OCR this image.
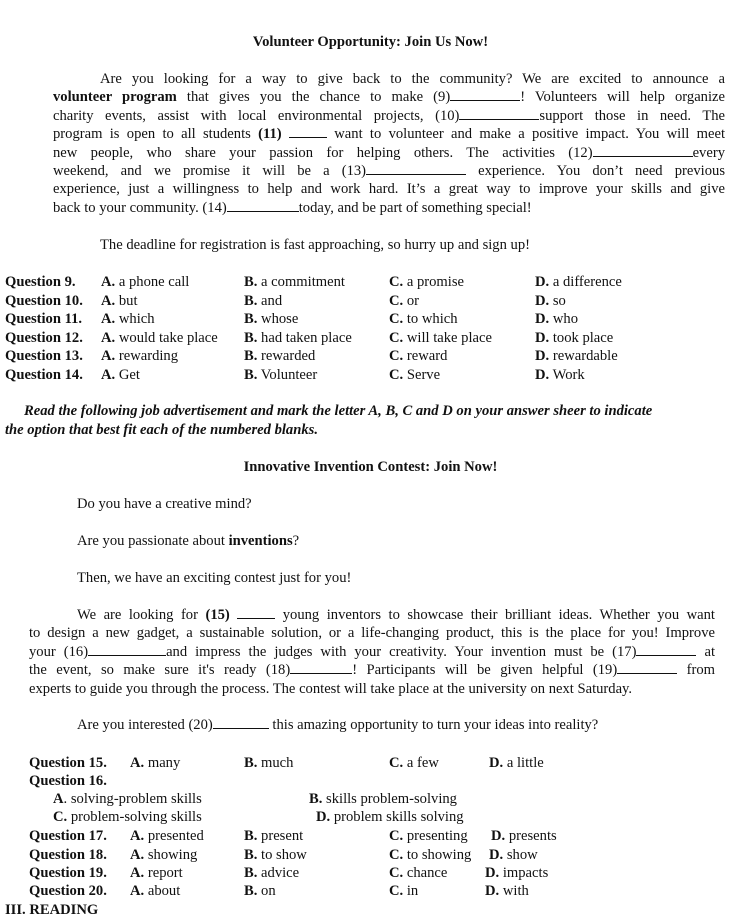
Volunteer Opportunity: Join Us Now!
Are you looking for a way to give back to the community? We are excited to announce a
volunteer program that gives you the chance to make (9)	! Volunteers will help organize
charity events, assist with local environmental projects, (10)	support those in need. The
program is open to all students (11)	want to volunteer and make a positive impact. You will meet
new people, who share your passion for helping others. The activities (12)	every
weekend, and we promise it will be a (13)	experience. You don’t need previous
experience, just a willingness to help and work hard. It’s a great way to improve your skills and give
back to your community. (14)	today, and be part of something special!
The deadline for registration is fast approaching, so hurry up and sign up!
Question 9. A. a phone call	B. a commitment	C. a promise	D. a difference
Question 10. A. but	B. and	C. or	D. so
Question 11. A. which	B. whose	C. to which	D. who
Question 12. A. would take place B. had taken place	C. will take place	D. took place
Question 13. A. rewarding	B. rewarded	C. reward	D. rewardable
Question 14. A. Get	B. Volunteer	C. Serve	D. Work
Read the following job advertisement and mark the letter A, B, C and D on your answer sheer to indicate
the option that best fit each of the numbered blanks.
Innovative Invention Contest: Join Now!
Do you have a creative mind?
Are you passionate about inventions?
Then, we have an exciting contest just for you!
We are looking for (15)	young inventors to showcase their brilliant ideas. Whether you want
to design a new gadget, a sustainable solution, or a life-changing product, this is the place for you! Improve
your (16)	and impress the judges with your creativity. Your invention must be (17)	at
the event, so make sure it's ready (18)	! Participants will be given helpful (19)	from
experts to guide you through the process. The contest will take place at the university on next Saturday.
Are you interested (20)	this amazing opportunity to turn your ideas into reality?
Question 15. A. many	B. much	C. a few	D. a little
Question 16.
A. solving-problem skills	B. skills problem-solving
C. problem-solving skills	D. problem skills solving
Question 17. A. presented	B. present	C. presenting D. presents
Question 18. A. showing	B. to show	C. to showing D. show
Question 19. A. report	B. advice	C. chance	D. impacts
Question 20. A. about	B. on	C. in	D. with
III. READING
